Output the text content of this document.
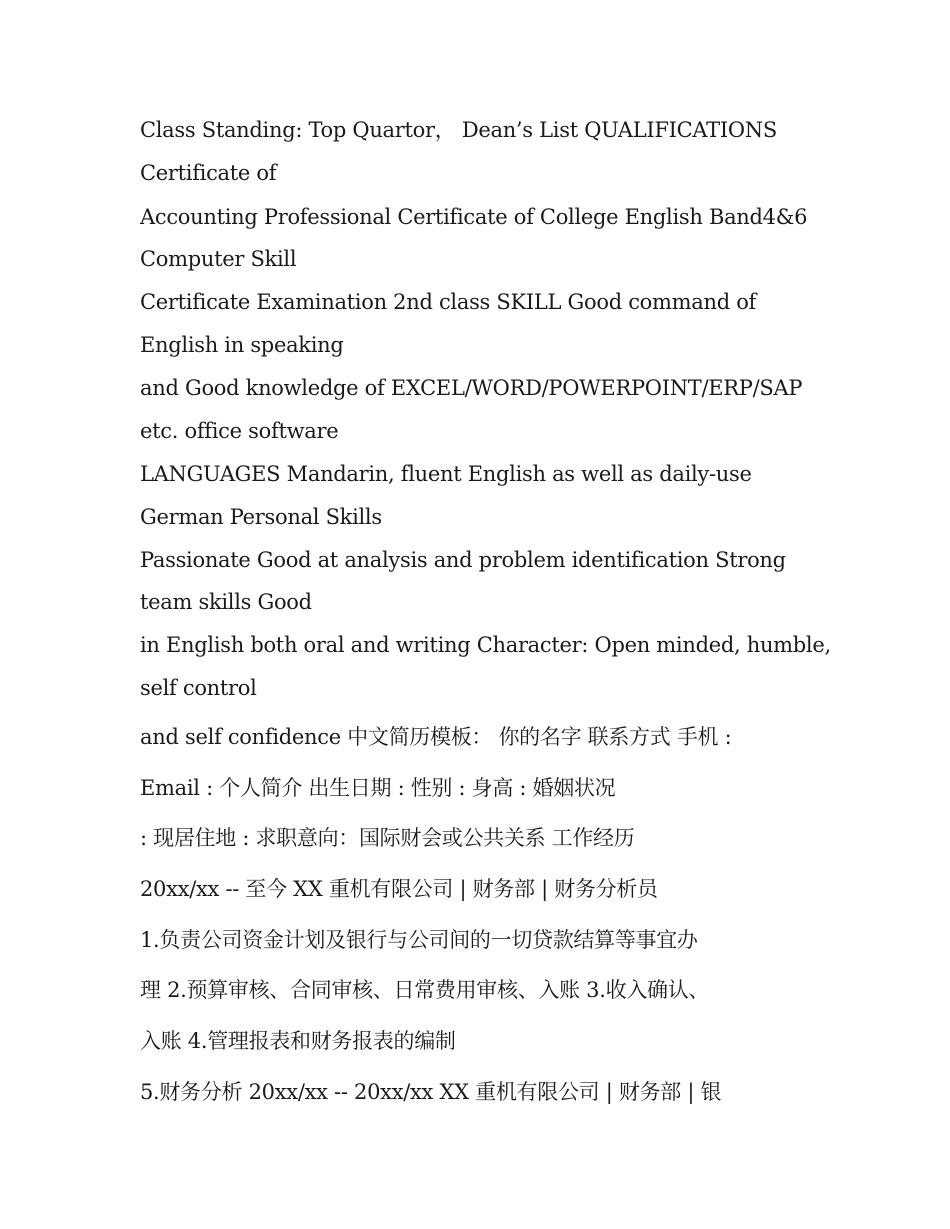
Class Standing: Top Quartor， Dean’s List QUALIFICATIONS
Certificate of
Accounting Professional Certificate of College English Band4&6
Computer Skill
Certificate Examination 2nd class SKILL Good command of
English in speaking
and Good knowledge of EXCEL/WORD/POWERPOINT/ERP/SAP
etc. office software
LANGUAGES Mandarin, fluent English as well as daily-use
German Personal Skills
Passionate Good at analysis and problem identification Strong
team skills Good
in English both oral and writing Character: Open minded, humble,
self control
and self confidence 中文简历模板： 你的名字 联系方式 手机 :
Email : 个人简介 出生日期 : 性别 : 身高 : 婚姻状况
: 现居住地 : 求职意向：国际财会或公共关系 工作经历
20xx/xx -- 至今 XX 重机有限公司 | 财务部 | 财务分析员
1.负责公司资金计划及银行与公司间的一切贷款结算等事宜办
理 2.预算审核、合同审核、日常费用审核、入账 3.收入确认、
入账 4.管理报表和财务报表的编制
5.财务分析 20xx/xx -- 20xx/xx XX 重机有限公司 | 财务部 | 银
